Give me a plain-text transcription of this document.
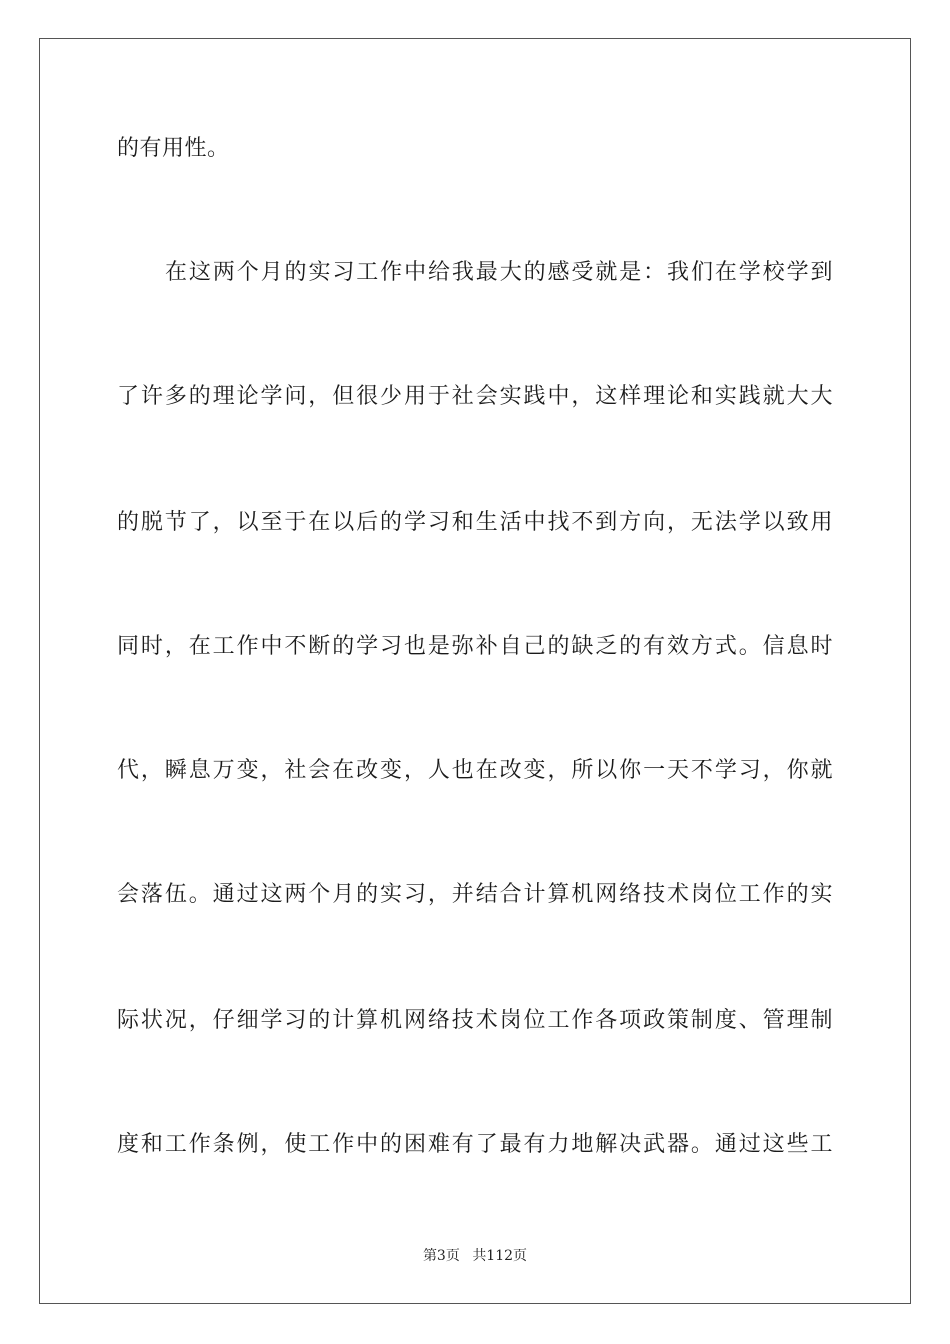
的有用性。
在这两个月的实习工作中给我最大的感受就是：我们在学校学到
了许多的理论学问，但很少用于社会实践中，这样理论和实践就大大
的脱节了，以至于在以后的学习和生活中找不到方向，无法学以致用
同时，在工作中不断的学习也是弥补自己的缺乏的有效方式。信息时
代，瞬息万变，社会在改变，人也在改变，所以你一天不学习，你就
会落伍。通过这两个月的实习，并结合计算机网络技术岗位工作的实
际状况，仔细学习的计算机网络技术岗位工作各项政策制度、管理制
度和工作条例，使工作中的困难有了最有力地解决武器。通过这些工
第3页 共112页
